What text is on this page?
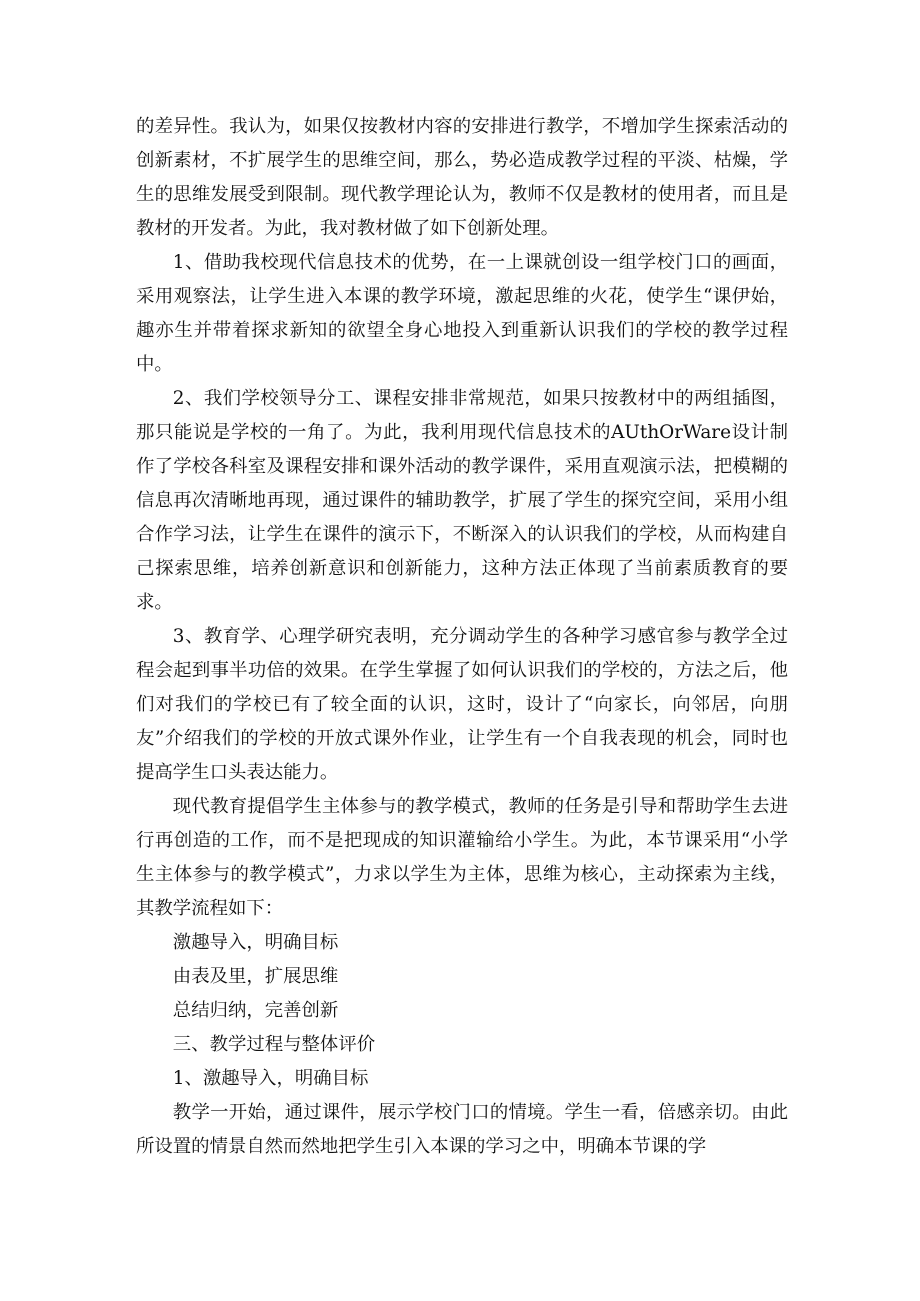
的差异性。我认为，如果仅按教材内容的安排进行教学，不增加学生探索活动的创新素材，不扩展学生的思维空间，那么，势必造成教学过程的平淡、枯燥，学生的思维发展受到限制。现代教学理论认为，教师不仅是教材的使用者，而且是教材的开发者。为此，我对教材做了如下创新处理。

1、借助我校现代信息技术的优势，在一上课就创设一组学校门口的画面，采用观察法，让学生进入本课的教学环境，激起思维的火花，使学生“课伊始，趣亦生并带着探求新知的欲望全身心地投入到重新认识我们的学校的教学过程中。

2、我们学校领导分工、课程安排非常规范，如果只按教材中的两组插图，那只能说是学校的一角了。为此，我利用现代信息技术的AUthOrWare设计制作了学校各科室及课程安排和课外活动的教学课件，采用直观演示法，把模糊的信息再次清晰地再现，通过课件的辅助教学，扩展了学生的探究空间，采用小组合作学习法，让学生在课件的演示下，不断深入的认识我们的学校，从而构建自己探索思维，培养创新意识和创新能力，这种方法正体现了当前素质教育的要求。

3、教育学、心理学研究表明，充分调动学生的各种学习感官参与教学全过程会起到事半功倍的效果。在学生掌握了如何认识我们的学校的，方法之后，他们对我们的学校已有了较全面的认识，这时，设计了“向家长，向邻居，向朋友”介绍我们的学校的开放式课外作业，让学生有一个自我表现的机会，同时也提高学生口头表达能力。

现代教育提倡学生主体参与的教学模式，教师的任务是引导和帮助学生去进行再创造的工作，而不是把现成的知识灌输给小学生。为此，本节课采用“小学生主体参与的教学模式”，力求以学生为主体，思维为核心，主动探索为主线，其教学流程如下：

激趣导入，明确目标

由表及里，扩展思维

总结归纳，完善创新

三、教学过程与整体评价

1、激趣导入，明确目标

教学一开始，通过课件，展示学校门口的情境。学生一看，倍感亲切。由此所设置的情景自然而然地把学生引入本课的学习之中，明确本节课的学
